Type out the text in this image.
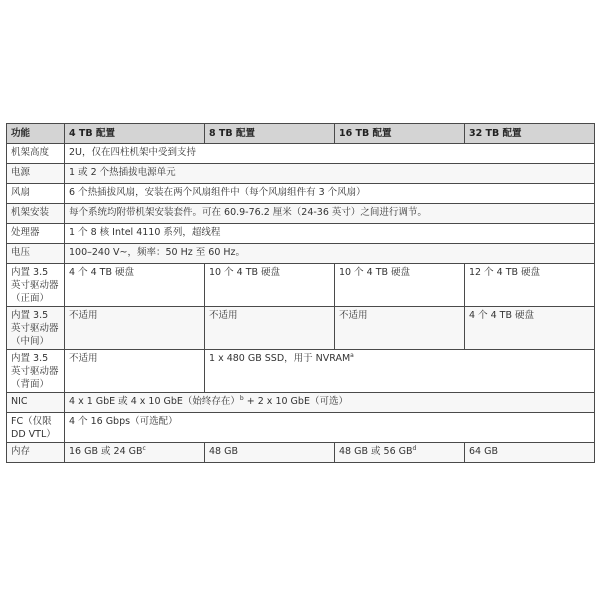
功能	4 TB 配置	8 TB 配置	16 TB 配置	32 TB 配置
机架高度	2U，仅在四柱机架中受到支持			
电源	1 或 2 个热插拔电源单元			
风扇	6 个热插拔风扇，安装在两个风扇组件中（每个风扇组件有 3 个风扇）			
机架安装	每个系统均附带机架安装套件。可在 60.9-76.2 厘米（24-36 英寸）之间进行调节。			
处理器	1 个 8 核 Intel 4110 系列，超线程			
电压	100–240 V~，频率：50 Hz 至 60 Hz。			
内置 3.5 英寸驱动器（正面）	4 个 4 TB 硬盘	10 个 4 TB 硬盘	10 个 4 TB 硬盘	12 个 4 TB 硬盘
内置 3.5 英寸驱动器（中间）	不适用	不适用	不适用	4 个 4 TB 硬盘
内置 3.5 英寸驱动器（背面）	不适用	1 x 480 GB SSD，用于 NVRAM$^a$
NIC	4 x 1 GbE 或 4 x 10 GbE（始终存在）$^b$ + 2 x 10 GbE（可选）			
FC（仅限 DD VTL）	4 个 16 Gbps（可选配）			
内存	16 GB 或 24 $GB^c$	48 GB	48 GB 或 56 $GB^d$	64 GB
